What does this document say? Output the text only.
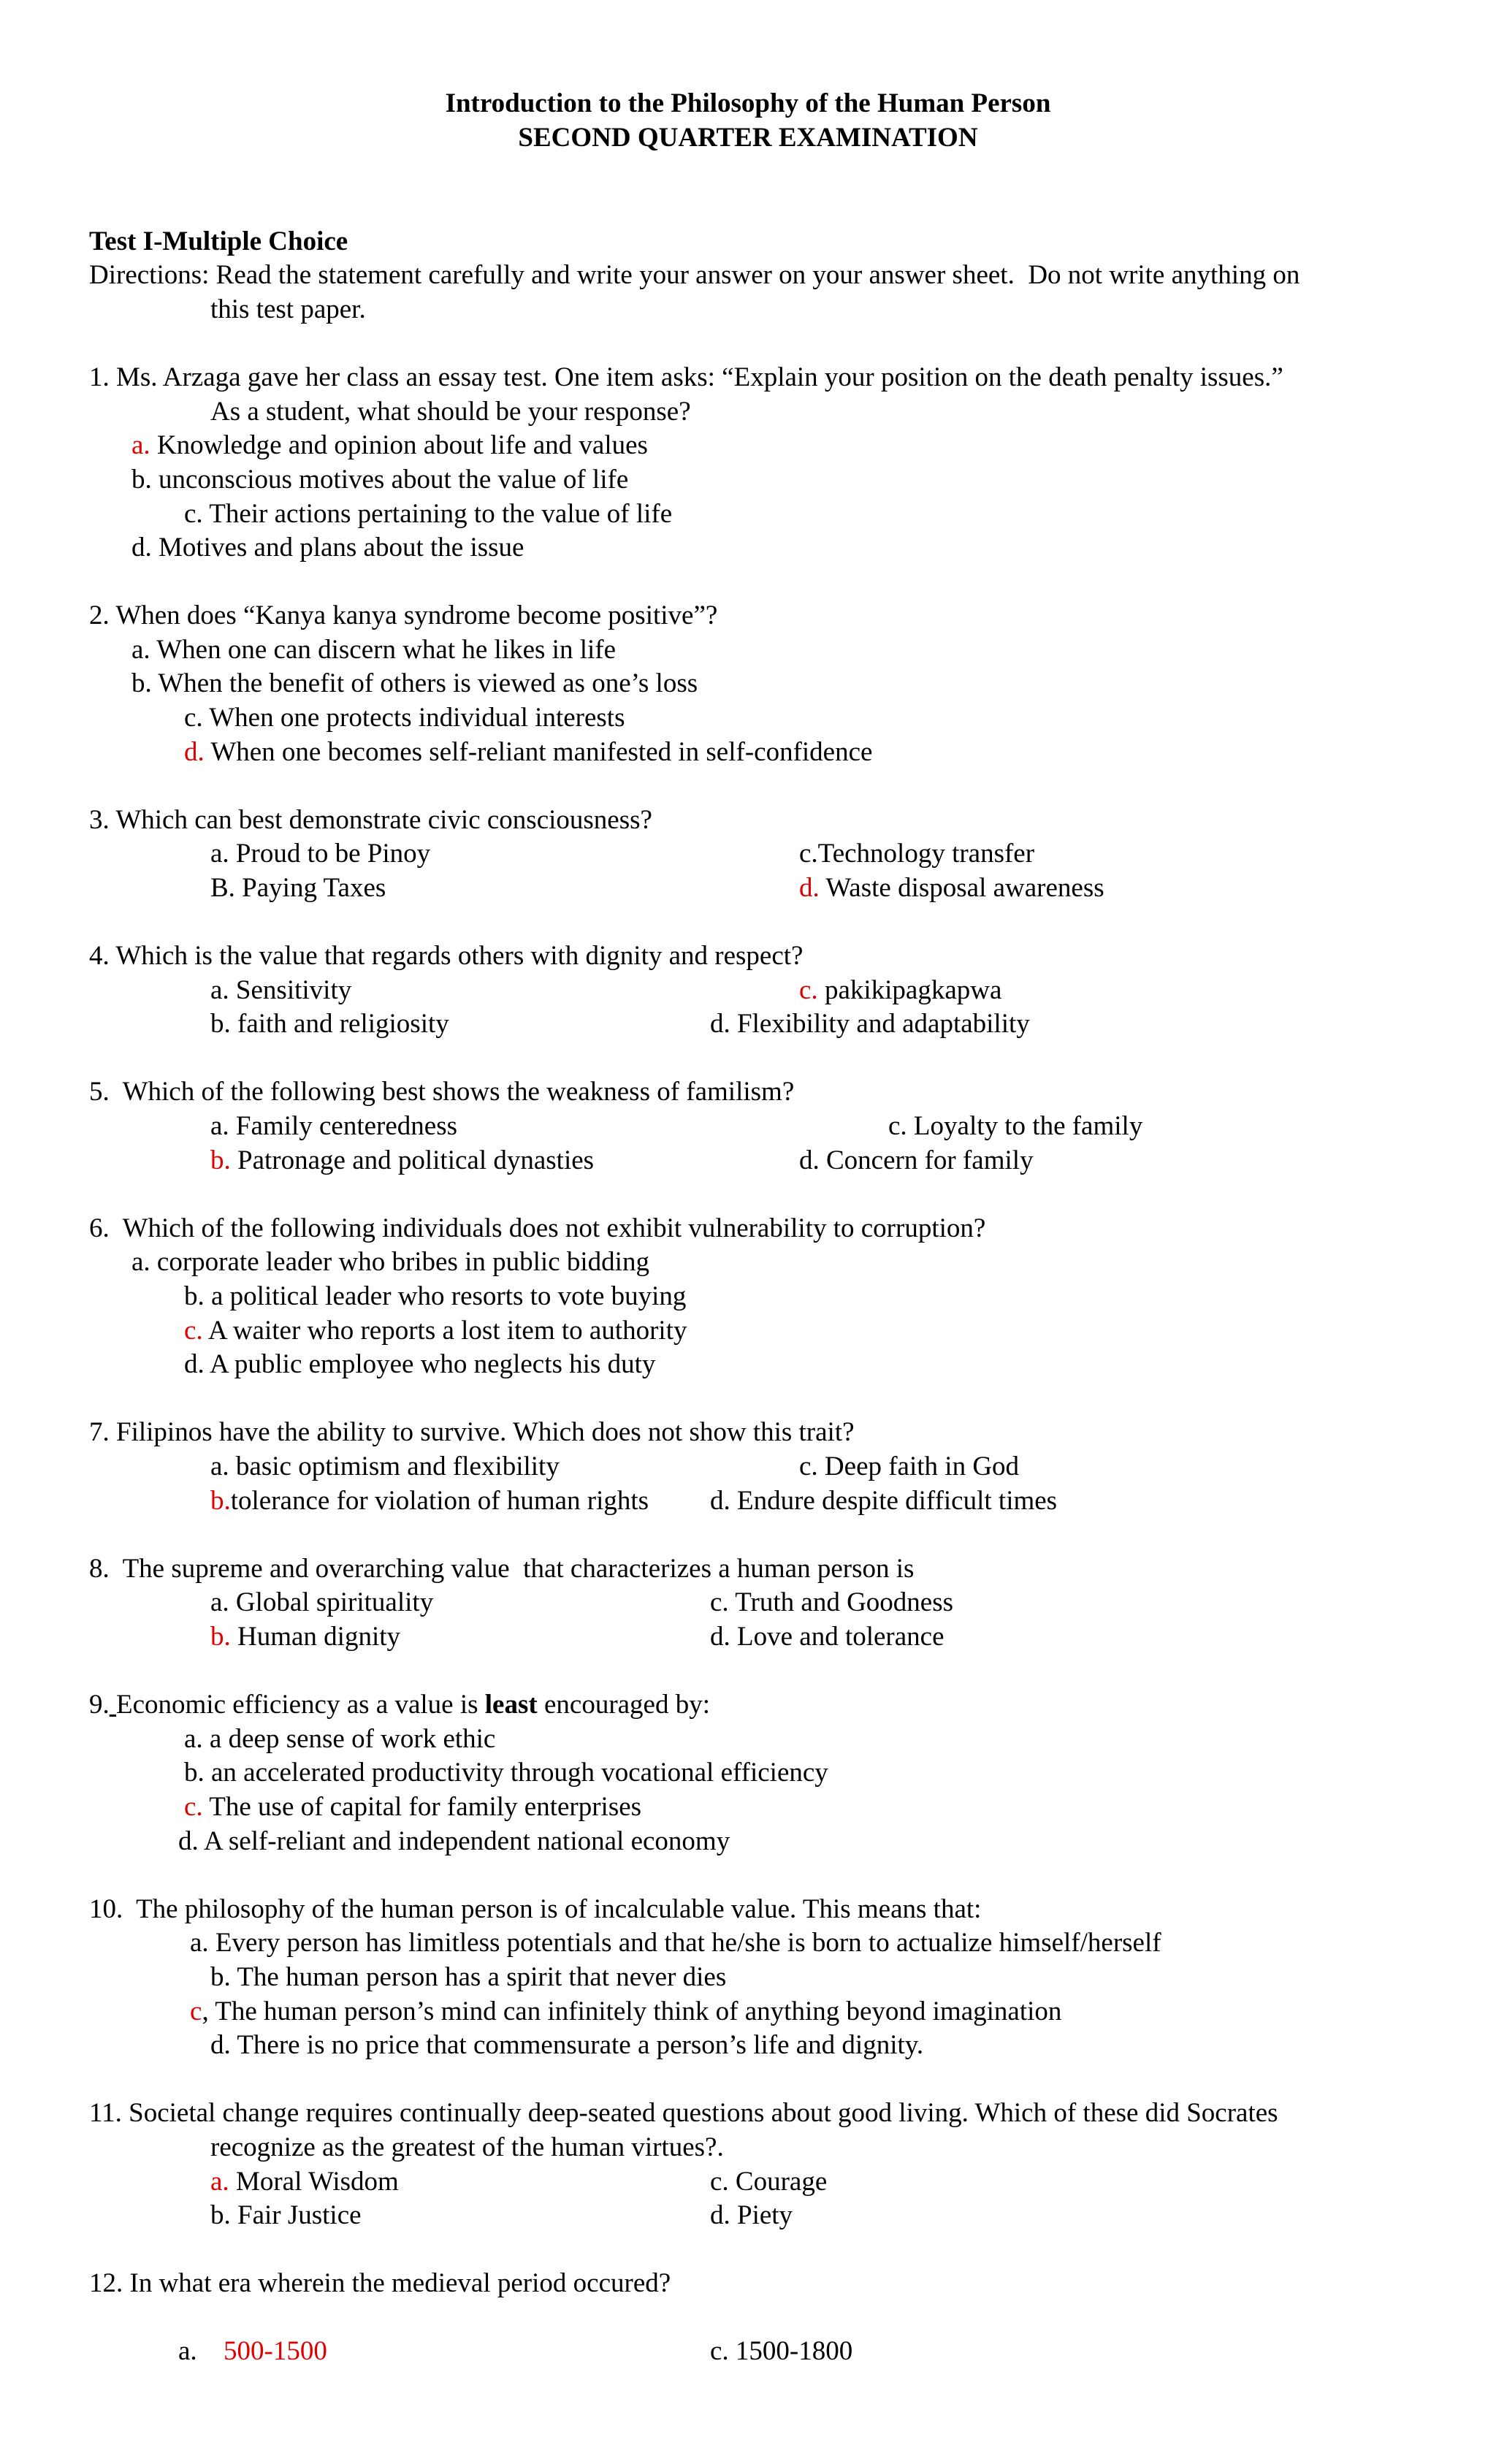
Introduction to the Philosophy of the Human Person
SECOND QUARTER EXAMINATION
Test I-Multiple Choice
Directions: Read the statement carefully and write your answer on your answer sheet.  Do not write anything on
this test paper.
1. Ms. Arzaga gave her class an essay test. One item asks: “Explain your position on the death penalty issues.”
As a student, what should be your response?
a. Knowledge and opinion about life and values
b. unconscious motives about the value of life
c. Their actions pertaining to the value of life
d. Motives and plans about the issue
2. When does “Kanya kanya syndrome become positive”?
a. When one can discern what he likes in life
b. When the benefit of others is viewed as one’s loss
c. When one protects individual interests
d. When one becomes self-reliant manifested in self-confidence
3. Which can best demonstrate civic consciousness?
a. Proud to be Pinoy	c.Technology transfer
B. Paying Taxes	d. Waste disposal awareness
4. Which is the value that regards others with dignity and respect?
a. Sensitivity	c. pakikipagkapwa
b. faith and religiosity	d. Flexibility and adaptability
5.  Which of the following best shows the weakness of familism?
a. Family centeredness	c. Loyalty to the family
b. Patronage and political dynasties	d. Concern for family
6.  Which of the following individuals does not exhibit vulnerability to corruption?
a. corporate leader who bribes in public bidding
b. a political leader who resorts to vote buying
c. A waiter who reports a lost item to authority
d. A public employee who neglects his duty
7. Filipinos have the ability to survive. Which does not show this trait?
a. basic optimism and flexibility	c. Deep faith in God
b.tolerance for violation of human rights d. Endure despite difficult times
8.  The supreme and overarching value  that characterizes a human person is
a. Global spirituality	c. Truth and Goodness
b. Human dignity	d. Love and tolerance
9. Economic efficiency as a value is least encouraged by:
a. a deep sense of work ethic
b. an accelerated productivity through vocational efficiency
c. The use of capital for family enterprises
d. A self-reliant and independent national economy
10.  The philosophy of the human person is of incalculable value. This means that:
a. Every person has limitless potentials and that he/she is born to actualize himself/herself
b. The human person has a spirit that never dies
c, The human person’s mind can infinitely think of anything beyond imagination
d. There is no price that commensurate a person’s life and dignity.
11. Societal change requires continually deep-seated questions about good living. Which of these did Socrates
recognize as the greatest of the human virtues?.
a. Moral Wisdom	c. Courage
b. Fair Justice	d. Piety
12. In what era wherein the medieval period occured?
a. 500-1500	c. 1500-1800
